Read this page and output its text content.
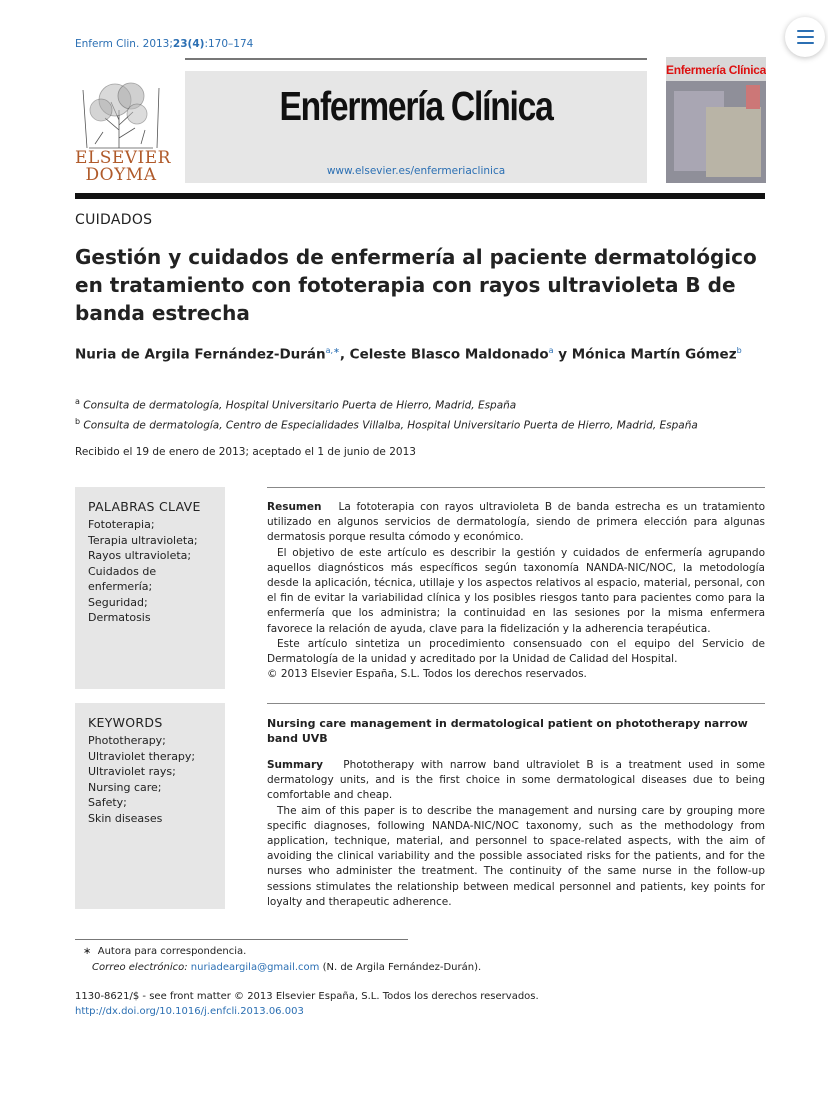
Enferm Clin. 2013;23(4):170–174
ELSEVIER
DOYMA
Enfermería Clínica
www.elsevier.es/enfermeriaclinica
Enfermería Clínica
CUIDADOS
Gestión y cuidados de enfermería al paciente dermatológico en tratamiento con fototerapia con rayos ultravioleta B de banda estrecha
Nuria de Argila Fernández-Durán$^{a,∗}$, Celeste Blasco Maldonado$^a$ y Mónica Martín Gómez$^b$
$^a$ Consulta de dermatología, Hospital Universitario Puerta de Hierro, Madrid, España
$^b$ Consulta de dermatología, Centro de Especialidades Villalba, Hospital Universitario Puerta de Hierro, Madrid, España
Recibido el 19 de enero de 2013; aceptado el 1 de junio de 2013
PALABRAS CLAVE
Fototerapia;
Terapia ultravioleta;
Rayos ultravioleta;
Cuidados de
enfermería;
Seguridad;
Dermatosis
KEYWORDS
Phototherapy;
Ultraviolet therapy;
Ultraviolet rays;
Nursing care;
Safety;
Skin diseases

Resumen La fototerapia con rayos ultravioleta B de banda estrecha es un tratamiento utilizado en algunos servicios de dermatología, siendo de primera elección para algunas dermatosis porque resulta cómodo y económico.

El objetivo de este artículo es describir la gestión y cuidados de enfermería agrupando aquellos diagnósticos más específicos según taxonomía NANDA-NIC/NOC, la metodología desde la aplicación, técnica, utillaje y los aspectos relativos al espacio, material, personal, con el fin de evitar la variabilidad clínica y los posibles riesgos tanto para pacientes como para la enfermería que los administra; la continuidad en las sesiones por la misma enfermera favorece la relación de ayuda, clave para la fidelización y la adherencia terapéutica.

Este artículo sintetiza un procedimiento consensuado con el equipo del Servicio de Dermatología de la unidad y acreditado por la Unidad de Calidad del Hospital.

© 2013 Elsevier España, S.L. Todos los derechos reservados.

Nursing care management in dermatological patient on phototherapy narrow band UVB

Summary Phototherapy with narrow band ultraviolet B is a treatment used in some dermatology units, and is the first choice in some dermatological diseases due to being comfortable and cheap.

The aim of this paper is to describe the management and nursing care by grouping more specific diagnoses, following NANDA-NIC/NOC taxonomy, such as the methodology from application, technique, material, and personnel to space-related aspects, with the aim of avoiding the clinical variability and the possible associated risks for the patients, and for the nurses who administer the treatment. The continuity of the same nurse in the follow-up sessions stimulates the relationship between medical personnel and patients, key points for loyalty and therapeutic adherence.

∗ Autora para correspondencia.
Correo electrónico: nuriadeargila@gmail.com (N. de Argila Fernández-Durán).
1130-8621/$ - see front matter © 2013 Elsevier España, S.L. Todos los derechos reservados.
http://dx.doi.org/10.1016/j.enfcli.2013.06.003
